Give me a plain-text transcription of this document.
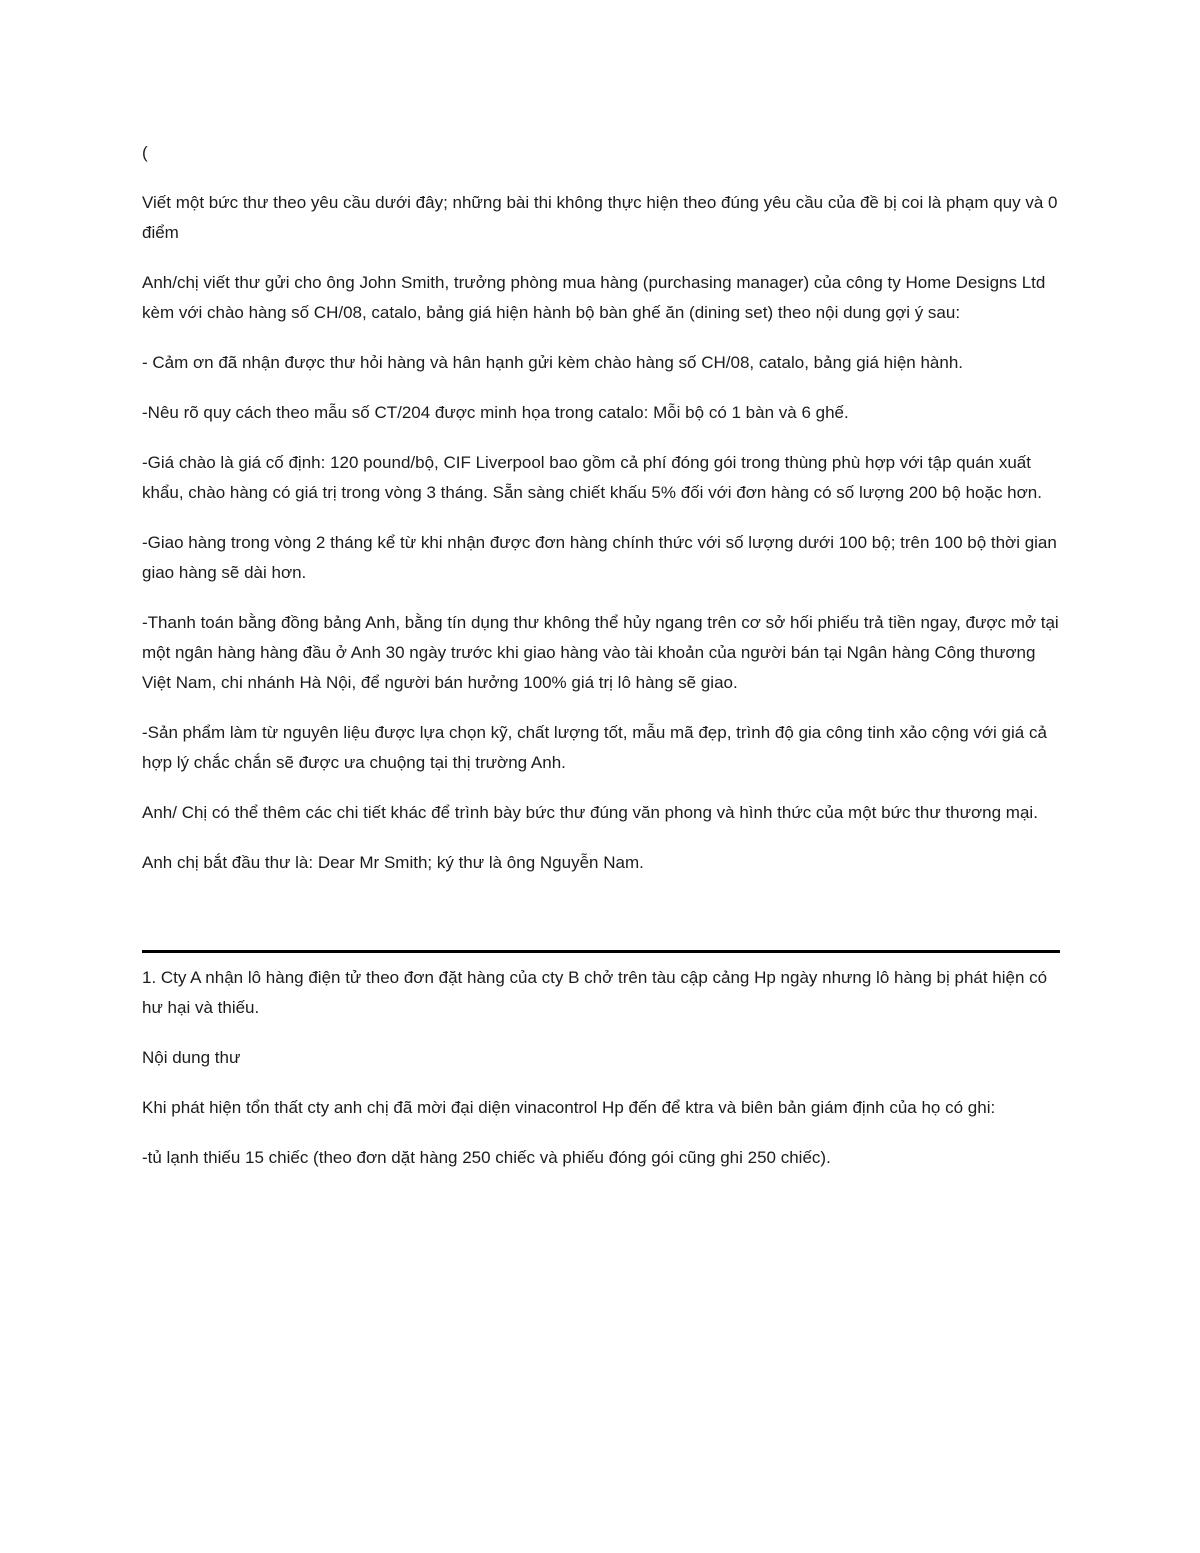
(

Viết một bức thư theo yêu cầu dưới đây; những bài thi không thực hiện theo đúng yêu cầu của đề bị coi là phạm quy và 0 điểm

Anh/chị viết thư gửi cho ông John Smith, trưởng phòng mua hàng (purchasing manager) của công ty Home Designs Ltd kèm với chào hàng số CH/08, catalo, bảng giá hiện hành bộ bàn ghế ăn (dining set) theo nội dung gợi ý sau:

- Cảm ơn đã nhận được thư hỏi hàng và hân hạnh gửi kèm chào hàng số CH/08, catalo, bảng giá hiện hành.

-Nêu rõ quy cách theo mẫu số CT/204 được minh họa trong catalo: Mỗi bộ có 1 bàn và 6 ghế.

-Giá chào là giá cố định: 120 pound/bộ, CIF Liverpool bao gồm cả phí đóng gói trong thùng phù hợp với tập quán xuất khẩu, chào hàng có giá trị trong vòng 3 tháng. Sẵn sàng chiết khấu 5% đối với đơn hàng có số lượng 200 bộ hoặc hơn.

-Giao hàng trong vòng 2 tháng kể từ khi nhận được đơn hàng chính thức với số lượng dưới 100 bộ; trên 100 bộ thời gian giao hàng sẽ dài hơn.

-Thanh toán bằng đồng bảng Anh, bằng tín dụng thư không thể hủy ngang trên cơ sở hối phiếu trả tiền ngay, được mở tại một ngân hàng hàng đầu ở Anh 30 ngày trước khi giao hàng vào tài khoản của người bán tại Ngân hàng Công thương Việt Nam, chi nhánh Hà Nội, để người bán hưởng 100% giá trị lô hàng sẽ giao.

-Sản phẩm làm từ nguyên liệu được lựa chọn kỹ, chất lượng tốt, mẫu mã đẹp, trình độ gia công tinh xảo cộng với giá cả hợp lý chắc chắn sẽ được ưa chuộng tại thị trường Anh.

Anh/ Chị có thể thêm các chi tiết khác để trình bày bức thư đúng văn phong và hình thức của một bức thư thương mại.

Anh chị bắt đầu thư là: Dear Mr Smith; ký thư là ông Nguyễn Nam.

1. Cty A nhận lô hàng điện tử theo đơn đặt hàng của cty B chở trên tàu cập cảng Hp ngày nhưng lô hàng bị phát hiện có hư hại và thiếu.

Nội dung thư

Khi phát hiện tổn thất cty anh chị đã mời đại diện vinacontrol Hp đến để ktra và biên bản giám định của họ có ghi:

-tủ lạnh thiếu 15 chiếc (theo đơn dặt hàng 250 chiếc và phiếu đóng gói cũng ghi 250 chiếc).
